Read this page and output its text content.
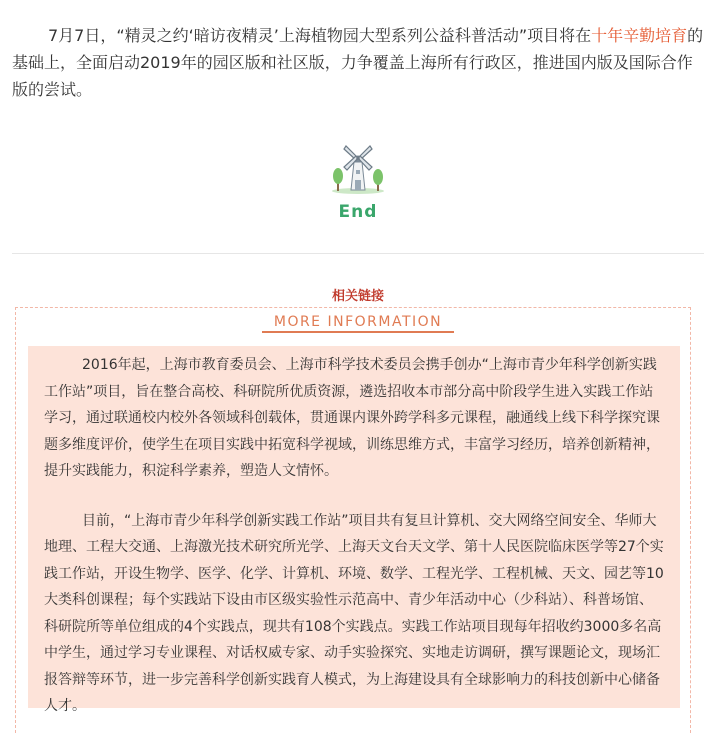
7月7日，“精灵之约‘暗访夜精灵’上海植物园大型系列公益科普活动”项目将在十年辛勤培育的基础上，全面启动2019年的园区版和社区版，力争覆盖上海所有行政区，推进国内版及国际合作版的尝试。
End
相关链接
MORE INFORMATION

2016年起，上海市教育委员会、上海市科学技术委员会携手创办“上海市青少年科学创新实践工作站”项目，旨在整合高校、科研院所优质资源，遴选招收本市部分高中阶段学生进入实践工作站学习，通过联通校内校外各领域科创载体，贯通课内课外跨学科多元课程，融通线上线下科学探究课题多维度评价，使学生在项目实践中拓宽科学视域，训练思维方式，丰富学习经历，培养创新精神，提升实践能力，积淀科学素养，塑造人文情怀。

目前，“上海市青少年科学创新实践工作站”项目共有复旦计算机、交大网络空间安全、华师大地理、工程大交通、上海激光技术研究所光学、上海天文台天文学、第十人民医院临床医学等27个实践工作站，开设生物学、医学、化学、计算机、环境、数学、工程光学、工程机械、天文、园艺等10大类科创课程；每个实践站下设由市区级实验性示范高中、青少年活动中心（少科站）、科普场馆、科研院所等单位组成的4个实践点，现共有108个实践点。实践工作站项目现每年招收约3000多名高中学生，通过学习专业课程、对话权威专家、动手实验探究、实地走访调研，撰写课题论文，现场汇报答辩等环节，进一步完善科学创新实践育人模式，为上海建设具有全球影响力的科技创新中心储备人才。
